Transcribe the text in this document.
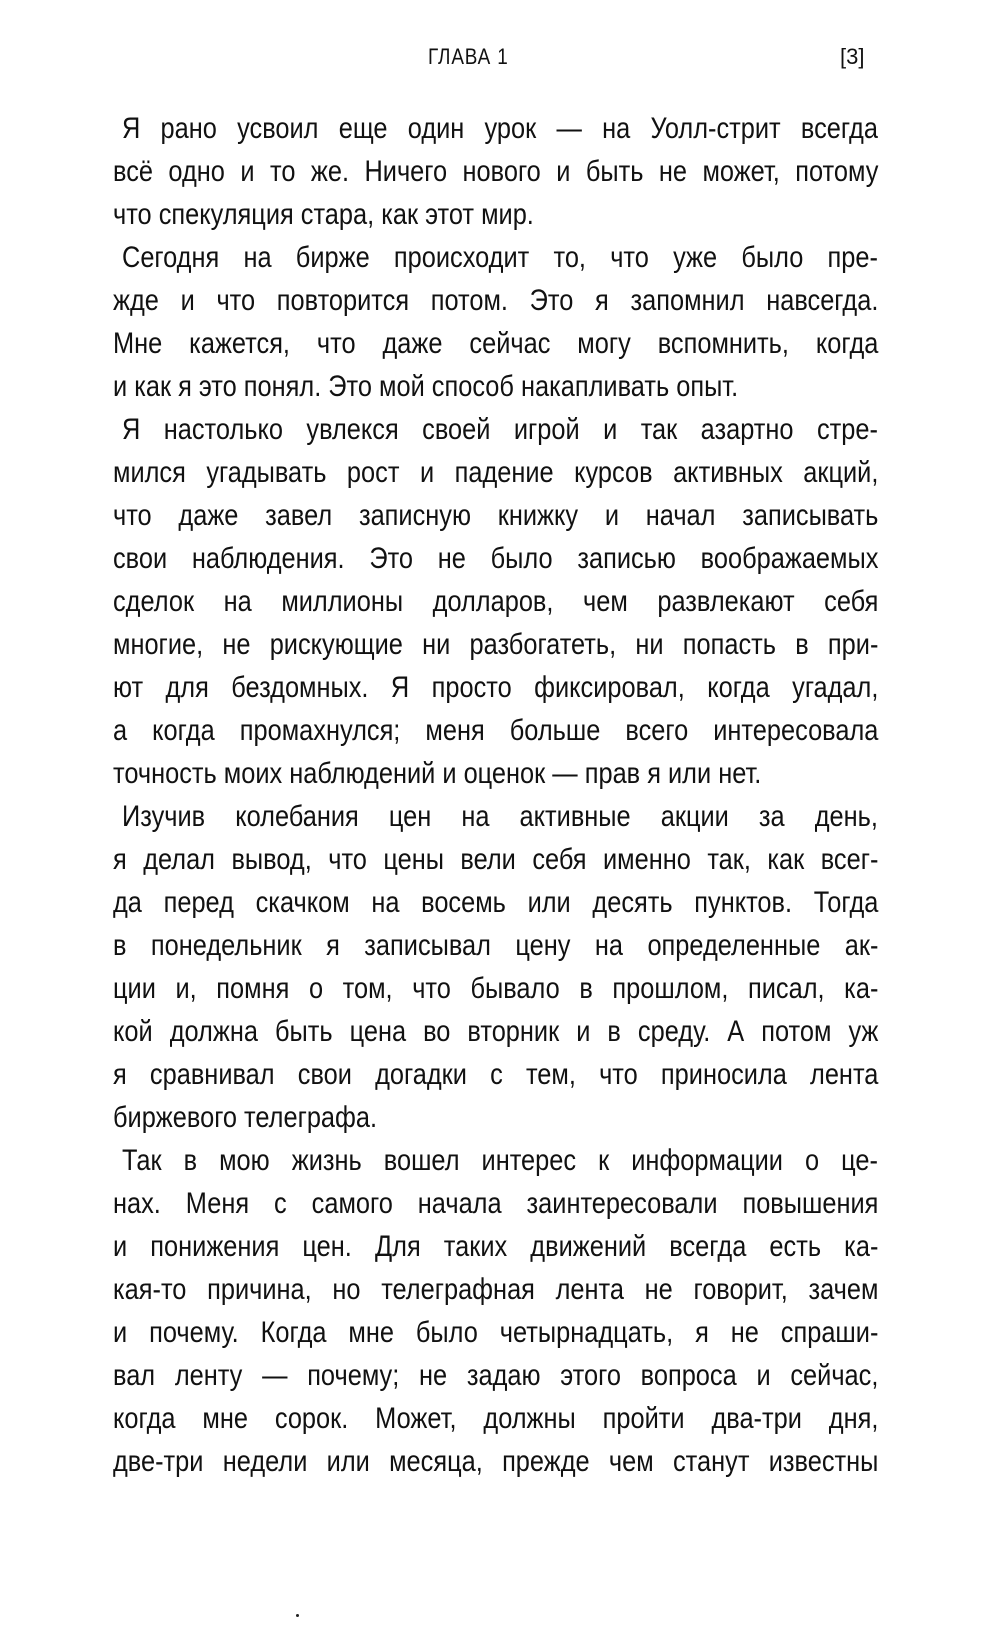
ГЛАВА 1	[3]
Я рано усвоил еще один урок — на Уолл-стрит всегда
всё одно и то же. Ничего нового и быть не может, потому
что спекуляция стара, как этот мир.
Сегодня на бирже происходит то, что уже было пре-
жде и что повторится потом. Это я запомнил навсегда.
Мне кажется, что даже сейчас могу вспомнить, когда
и как я это понял. Это мой способ накапливать опыт.
Я настолько увлекся своей игрой и так азартно стре-
мился угадывать рост и падение курсов активных акций,
что даже завел записную книжку и начал записывать
свои наблюдения. Это не было записью воображаемых
сделок на миллионы долларов, чем развлекают себя
многие, не рискующие ни разбогатеть, ни попасть в при-
ют для бездомных. Я просто фиксировал, когда угадал,
а когда промахнулся; меня больше всего интересовала
точность моих наблюдений и оценок — прав я или нет.
Изучив колебания цен на активные акции за день,
я делал вывод, что цены вели себя именно так, как всег-
да перед скачком на восемь или десять пунктов. Тогда
в понедельник я записывал цену на определенные ак-
ции и, помня о том, что бывало в прошлом, писал, ка-
кой должна быть цена во вторник и в среду. А потом уж
я сравнивал свои догадки с тем, что приносила лента
биржевого телеграфа.
Так в мою жизнь вошел интерес к информации о це-
нах. Меня с самого начала заинтересовали повышения
и понижения цен. Для таких движений всегда есть ка-
кая-то причина, но телеграфная лента не говорит, зачем
и почему. Когда мне было четырнадцать, я не спраши-
вал ленту — почему; не задаю этого вопроса и сейчас,
когда мне сорок. Может, должны пройти два-три дня,
две-три недели или месяца, прежде чем станут известны
